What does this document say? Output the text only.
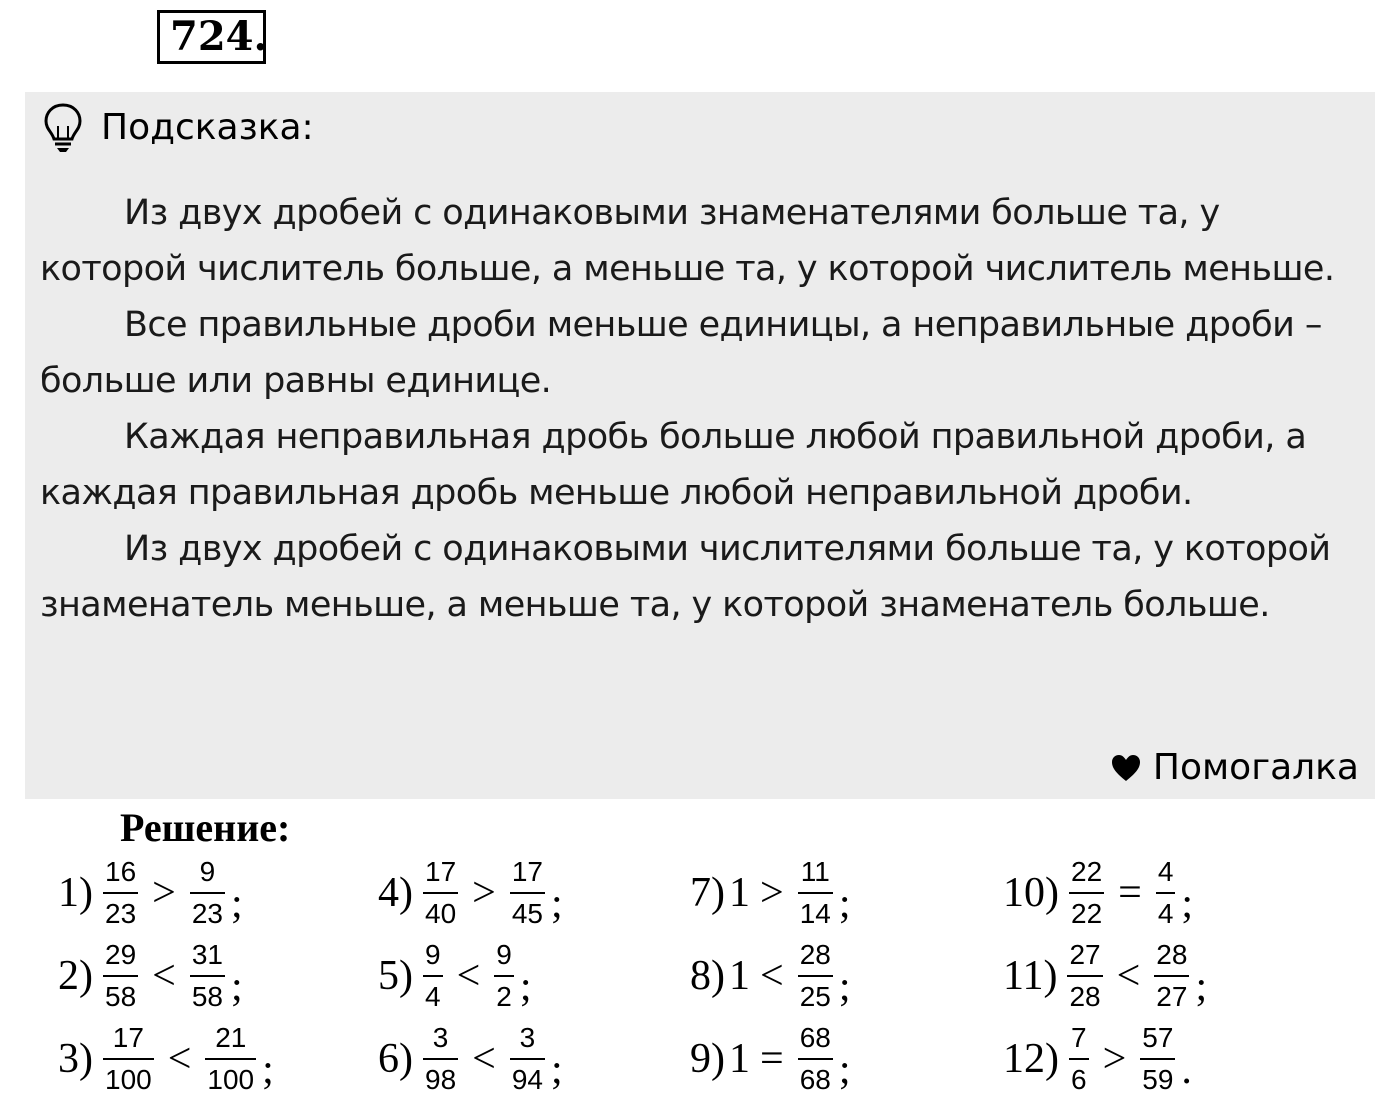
724.
Подсказка:

Из двух дробей с одинаковыми знаменателями больше та, у которой числитель больше, а меньше та, у которой числитель меньше.

Все правильные дроби меньше единицы, а неправильные дроби – больше или равны единице.

Каждая неправильная дробь больше любой правильной дроби, а каждая правильная дробь меньше любой неправильной дроби.

Из двух дробей с одинаковыми числителями больше та, у которой знаменатель меньше, а меньше та, у которой знаменатель больше.

Помогалка
Решение:
$1) \frac{16}{23} > \frac{9}{23}$ ;
$2) \frac{29}{58} < \frac{31}{58}$ ;
$3) \frac{17}{100} < \frac{21}{100}$ ;
$4) \frac{17}{40} > \frac{17}{45}$ ;
$5) \frac{9}{4} < \frac{9}{2}$ ;
$6) \frac{3}{98} < \frac{3}{94}$ ;
7) $1 > \frac{11}{14}$ ;
8) $1 < \frac{28}{25}$ ;
9) $1 = \frac{68}{68}$ ;
$10) \frac{22}{22} = \frac{4}{4}$ ;
$11) \frac{27}{28} < \frac{28}{27}$ ;
$12) \frac{7}{6} > \frac{57}{59}$ .
